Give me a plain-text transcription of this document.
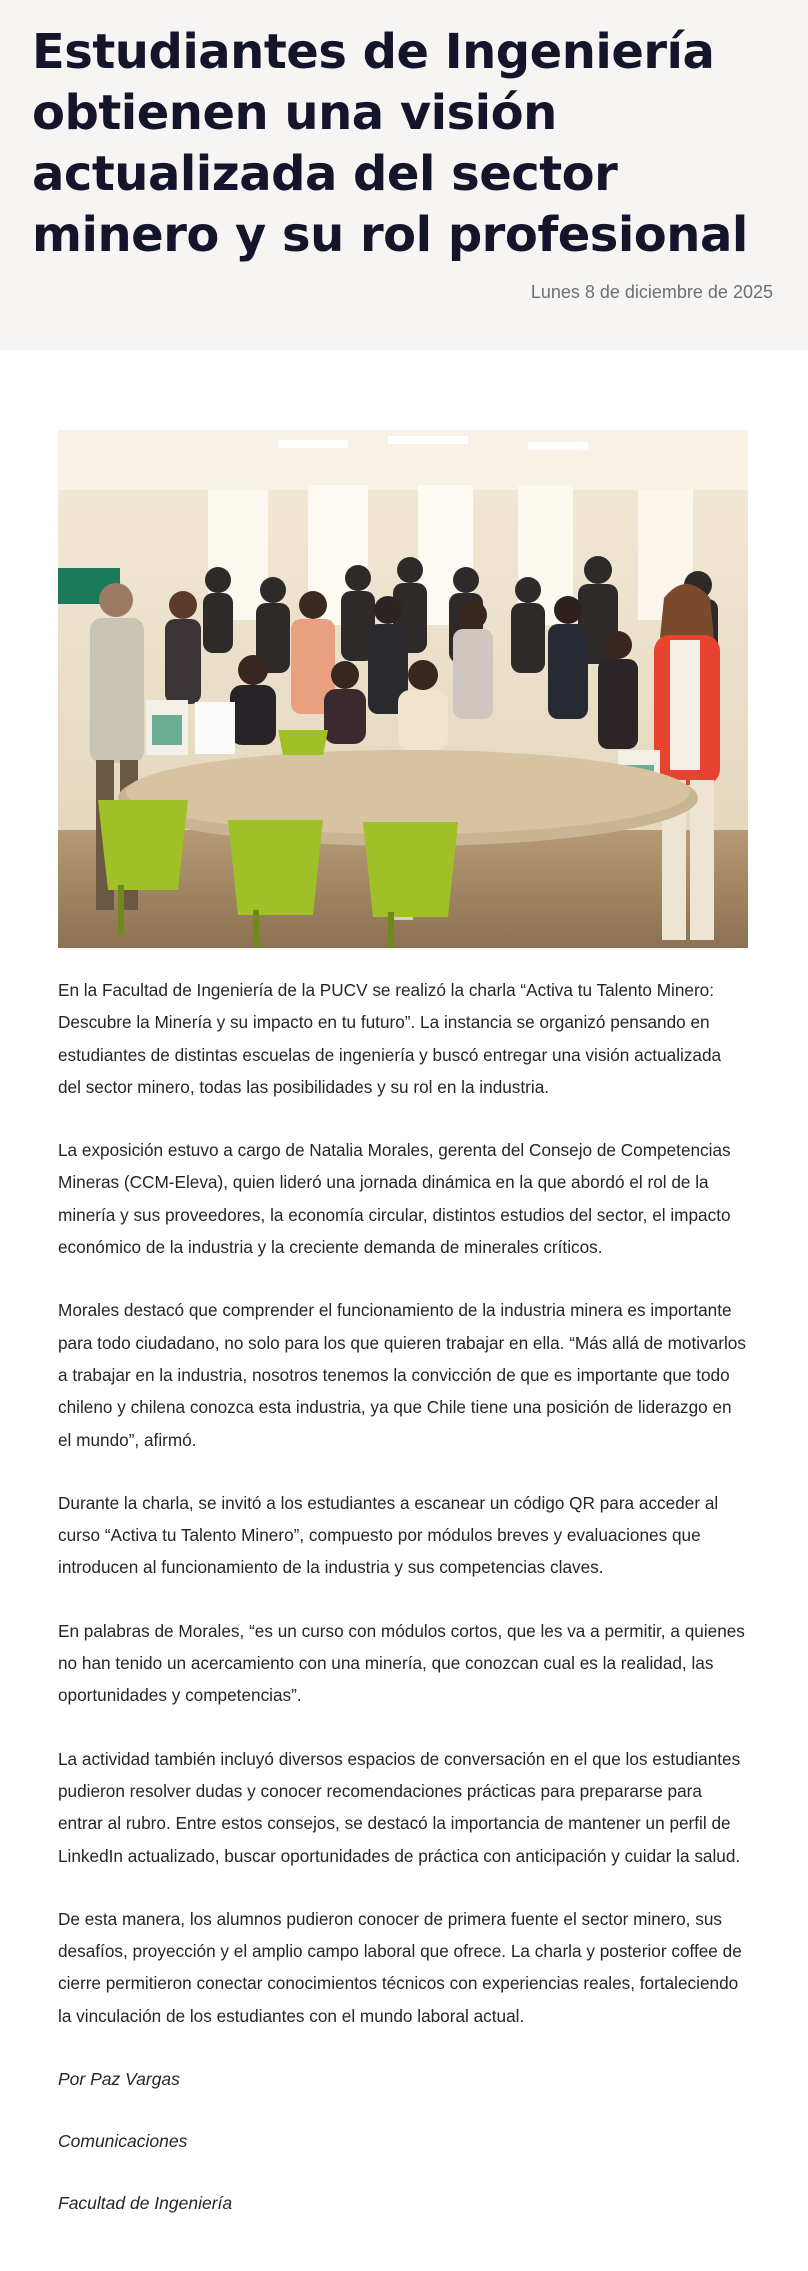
Estudiantes de Ingeniería obtienen una visión actualizada del sector minero y su rol profesional
Lunes 8 de diciembre de 2025

En la Facultad de Ingeniería de la PUCV se realizó la charla “Activa tu Talento Minero: Descubre la Minería y su impacto en tu futuro”. La instancia se organizó pensando en estudiantes de distintas escuelas de ingeniería y buscó entregar una visión actualizada del sector minero, todas las posibilidades y su rol en la industria.

La exposición estuvo a cargo de Natalia Morales, gerenta del Consejo de Competencias Mineras (CCM-Eleva), quien lideró una jornada dinámica en la que abordó el rol de la minería y sus proveedores, la economía circular, distintos estudios del sector, el impacto económico de la industria y la creciente demanda de minerales críticos.

Morales destacó que comprender el funcionamiento de la industria minera es importante para todo ciudadano, no solo para los que quieren trabajar en ella. “Más allá de motivarlos a trabajar en la industria, nosotros tenemos la convicción de que es importante que todo chileno y chilena conozca esta industria, ya que Chile tiene una posición de liderazgo en el mundo”, afirmó.

Durante la charla, se invitó a los estudiantes a escanear un código QR para acceder al curso “Activa tu Talento Minero”, compuesto por módulos breves y evaluaciones que introducen al funcionamiento de la industria y sus competencias claves.

En palabras de Morales, “es un curso con módulos cortos, que les va a permitir, a quienes no han tenido un acercamiento con una minería, que conozcan cual es la realidad, las oportunidades y competencias”.

La actividad también incluyó diversos espacios de conversación en el que los estudiantes pudieron resolver dudas y conocer recomendaciones prácticas para prepararse para entrar al rubro. Entre estos consejos, se destacó la importancia de mantener un perfil de LinkedIn actualizado, buscar oportunidades de práctica con anticipación y cuidar la salud.

De esta manera, los alumnos pudieron conocer de primera fuente el sector minero, sus desafíos, proyección y el amplio campo laboral que ofrece. La charla y posterior coffee de cierre permitieron conectar conocimientos técnicos con experiencias reales, fortaleciendo la vinculación de los estudiantes con el mundo laboral actual.

Por Paz Vargas

Comunicaciones

Facultad de Ingeniería
